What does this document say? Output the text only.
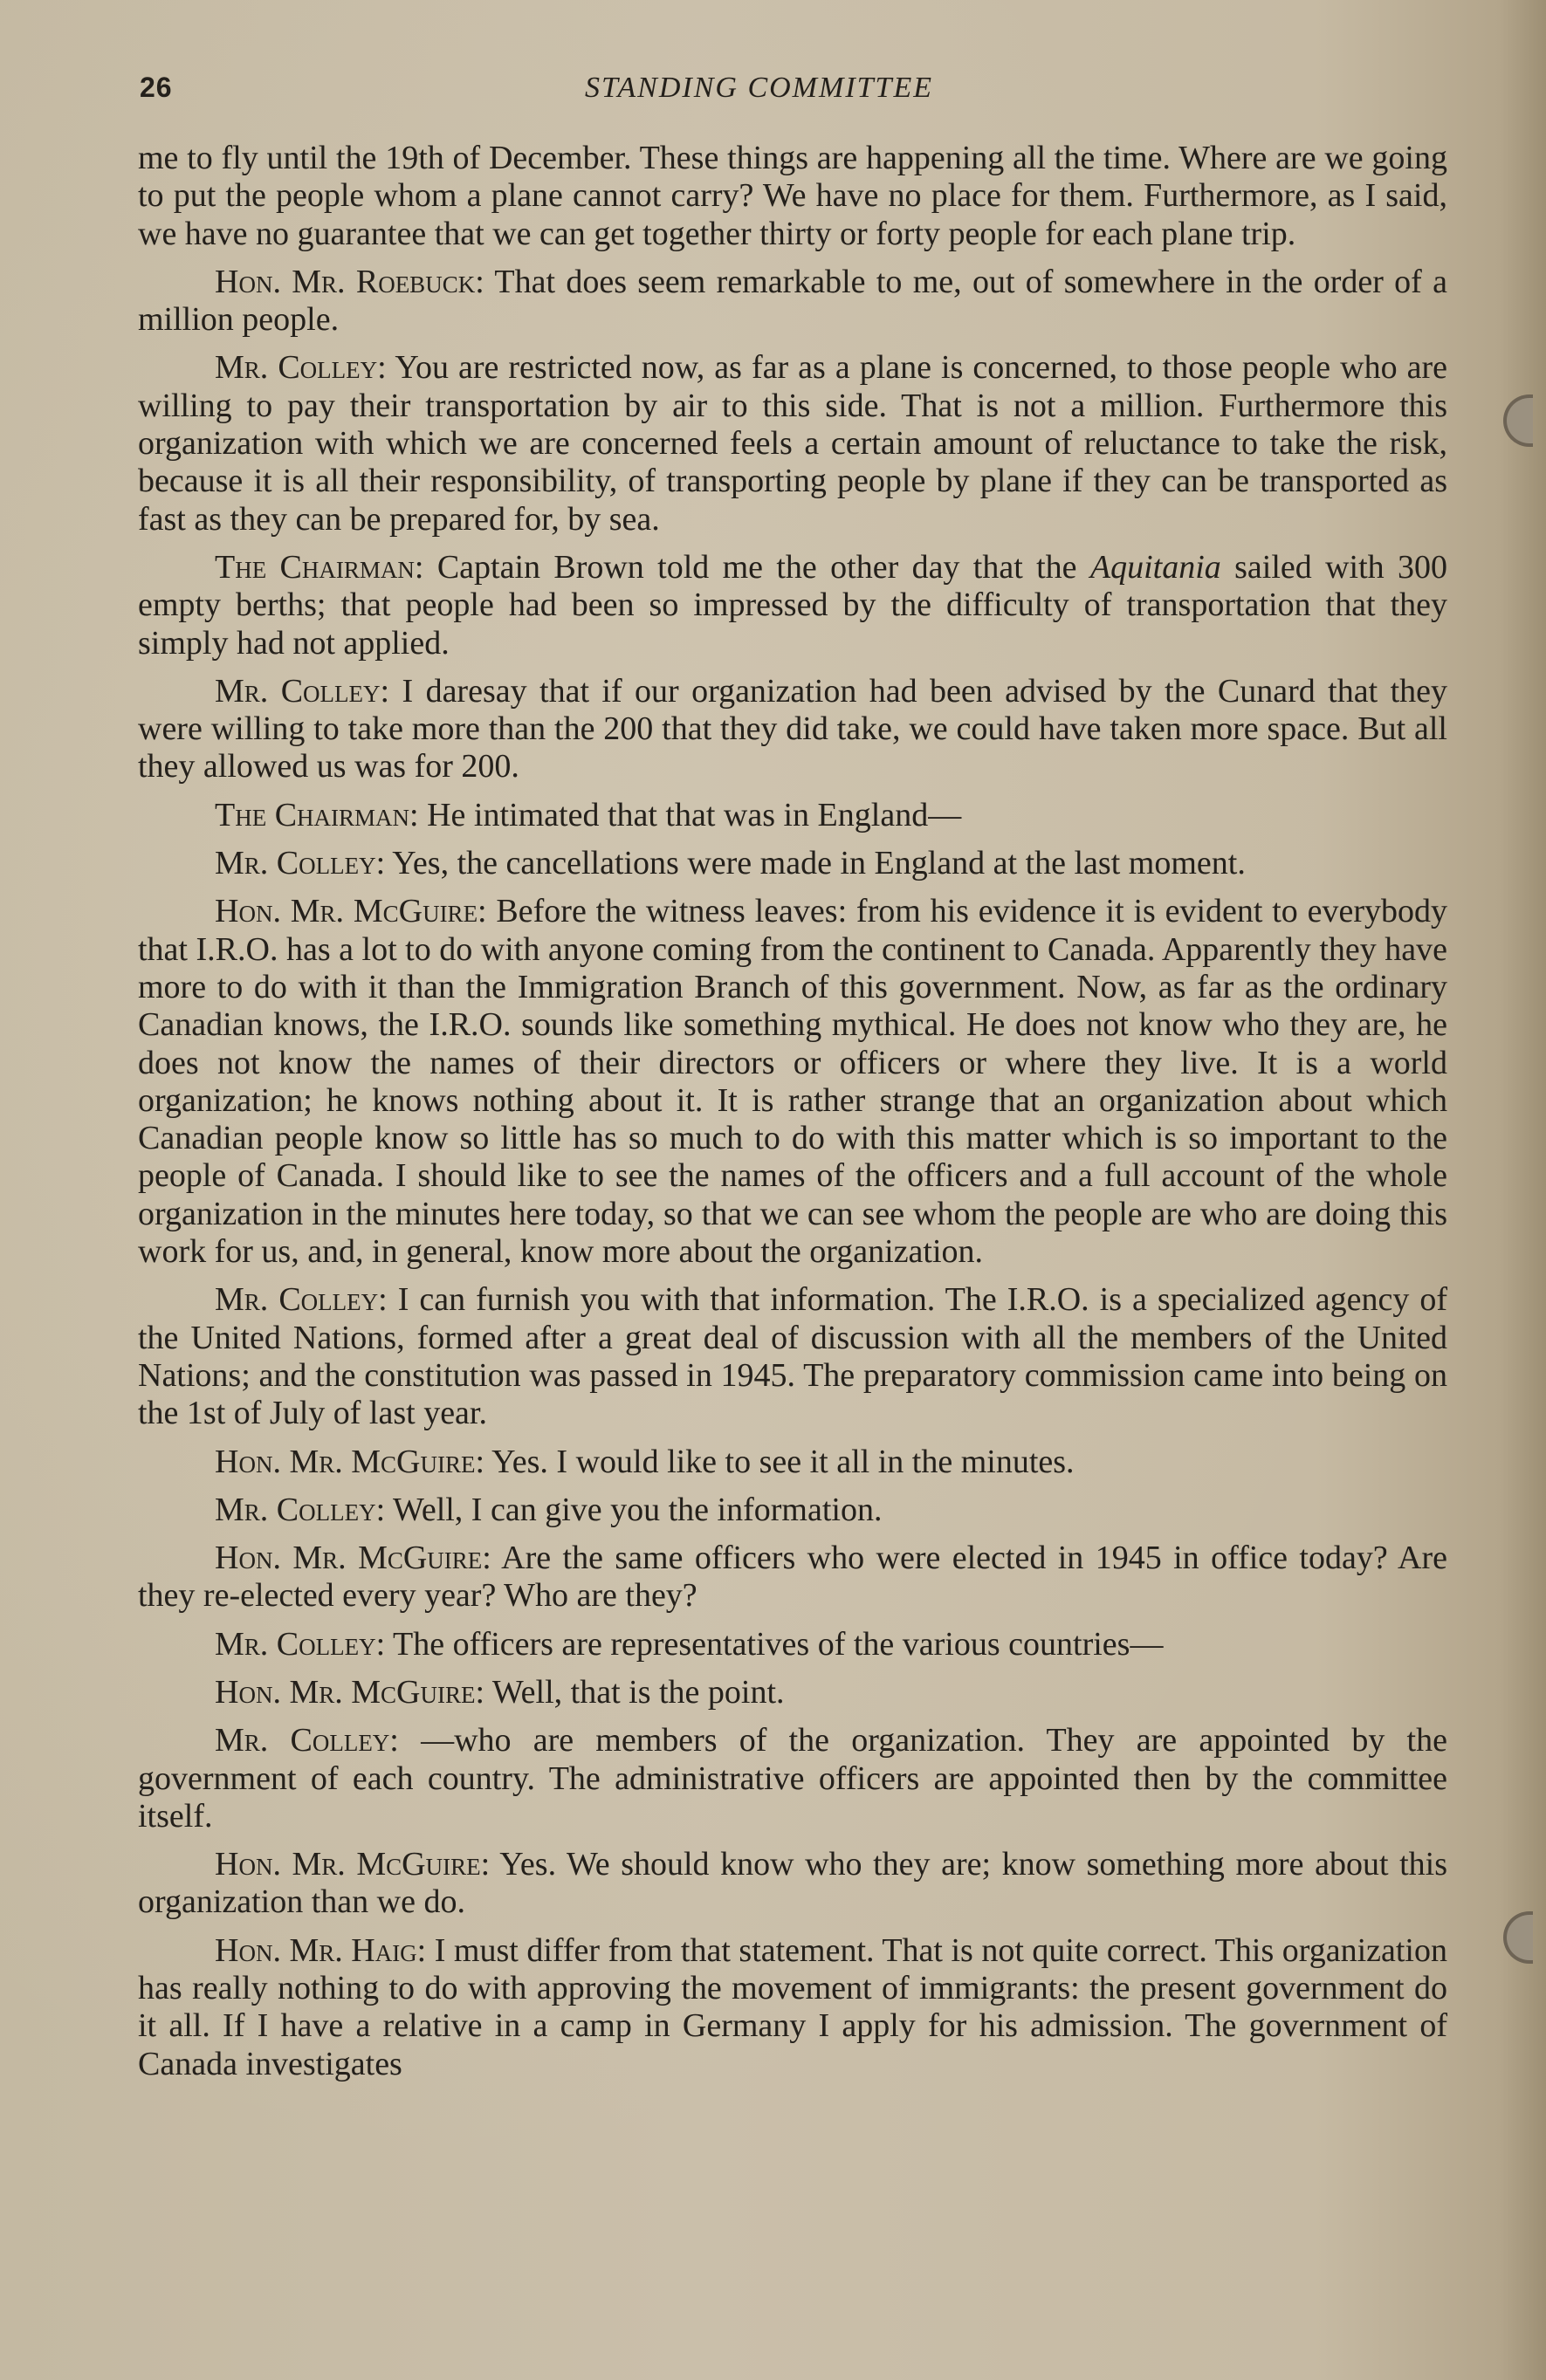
26	STANDING COMMITTEE

me to fly until the 19th of December. These things are happening all the time. Where are we going to put the people whom a plane cannot carry? We have no place for them. Furthermore, as I said, we have no guarantee that we can get together thirty or forty people for each plane trip.

Hon. Mr. Roebuck: That does seem remarkable to me, out of somewhere in the order of a million people.

Mr. Colley: You are restricted now, as far as a plane is concerned, to those people who are willing to pay their transportation by air to this side. That is not a million. Furthermore this organization with which we are concerned feels a certain amount of reluctance to take the risk, because it is all their responsibility, of transporting people by plane if they can be transported as fast as they can be prepared for, by sea.

The Chairman: Captain Brown told me the other day that the Aquitania sailed with 300 empty berths; that people had been so impressed by the difficulty of transportation that they simply had not applied.

Mr. Colley: I daresay that if our organization had been advised by the Cunard that they were willing to take more than the 200 that they did take, we could have taken more space. But all they allowed us was for 200.

The Chairman: He intimated that that was in England—

Mr. Colley: Yes, the cancellations were made in England at the last moment.

Hon. Mr. McGuire: Before the witness leaves: from his evidence it is evident to everybody that I.R.O. has a lot to do with anyone coming from the continent to Canada. Apparently they have more to do with it than the Immigration Branch of this government. Now, as far as the ordinary Canadian knows, the I.R.O. sounds like something mythical. He does not know who they are, he does not know the names of their directors or officers or where they live. It is a world organization; he knows nothing about it. It is rather strange that an organization about which Canadian people know so little has so much to do with this matter which is so important to the people of Canada. I should like to see the names of the officers and a full account of the whole organization in the minutes here today, so that we can see whom the people are who are doing this work for us, and, in general, know more about the organization.

Mr. Colley: I can furnish you with that information. The I.R.O. is a specialized agency of the United Nations, formed after a great deal of discussion with all the members of the United Nations; and the constitution was passed in 1945. The preparatory commission came into being on the 1st of July of last year.

Hon. Mr. McGuire: Yes. I would like to see it all in the minutes.

Mr. Colley: Well, I can give you the information.

Hon. Mr. McGuire: Are the same officers who were elected in 1945 in office today? Are they re-elected every year? Who are they?

Mr. Colley: The officers are representatives of the various countries—

Hon. Mr. McGuire: Well, that is the point.

Mr. Colley: —who are members of the organization. They are appointed by the government of each country. The administrative officers are appointed then by the committee itself.

Hon. Mr. McGuire: Yes. We should know who they are; know something more about this organization than we do.

Hon. Mr. Haig: I must differ from that statement. That is not quite correct. This organization has really nothing to do with approving the movement of immigrants: the present government do it all. If I have a relative in a camp in Germany I apply for his admission. The government of Canada investigates
